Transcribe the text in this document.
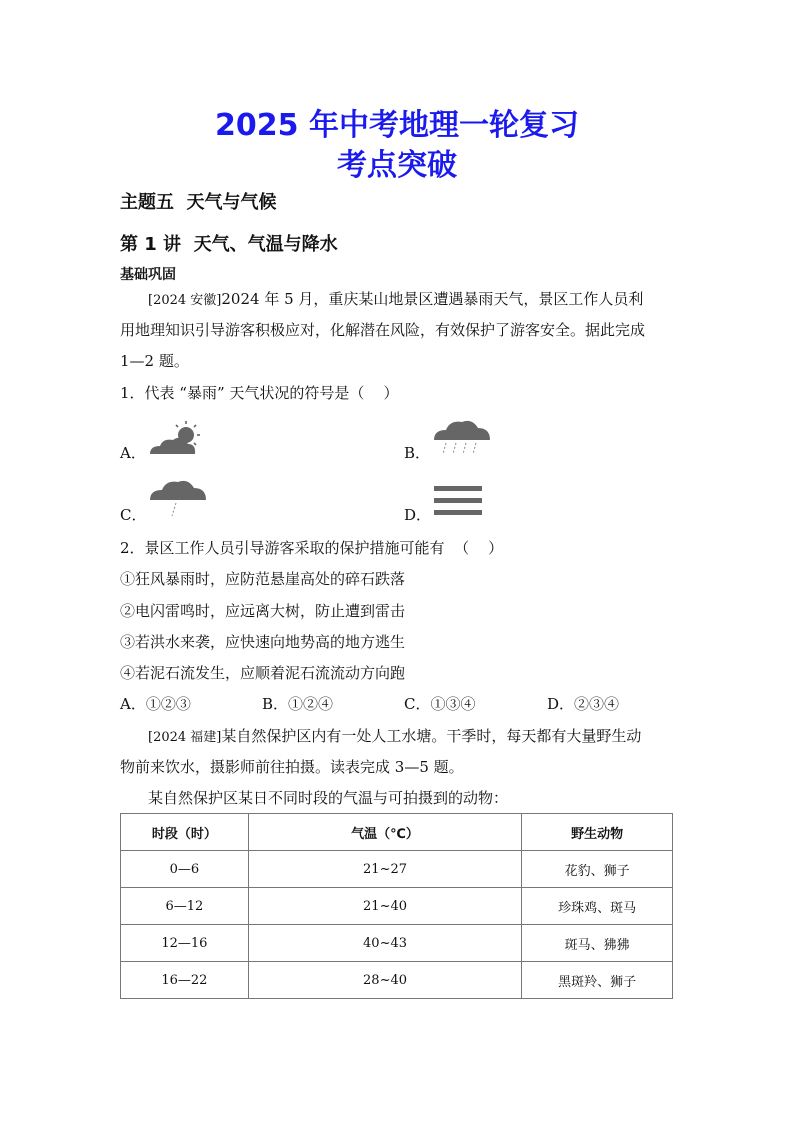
2025 年中考地理一轮复习
考点突破
主题五  天气与气候
第 1 讲  天气、气温与降水
基础巩固
[2024 安徽]2024 年 5 月，重庆某山地景区遭遇暴雨天气，景区工作人员利
用地理知识引导游客积极应对，化解潜在风险，有效保护了游客安全。据此完成
1—2 题。
1．代表 “暴雨” 天气状况的符号是（    ）
A．	B．
C．	D．
2．景区工作人员引导游客采取的保护措施可能有  （    ）
①狂风暴雨时，应防范悬崖高处的碎石跌落
②电闪雷鸣时，应远离大树，防止遭到雷击
③若洪水来袭，应快速向地势高的地方逃生
④若泥石流发生，应顺着泥石流流动方向跑
A．①②③	B．①②④	C．①③④	D．②③④
[2024 福建]某自然保护区内有一处人工水塘。干季时，每天都有大量野生动
物前来饮水，摄影师前往拍摄。读表完成 3—5 题。
某自然保护区某日不同时段的气温与可拍摄到的动物：
时段（时）	气温（℃）	野生动物
0—6	21~27	花豹、狮子
6—12	21~40	珍珠鸡、斑马
12—16	40~43	斑马、狒狒
16—22	28~40	黑斑羚、狮子
